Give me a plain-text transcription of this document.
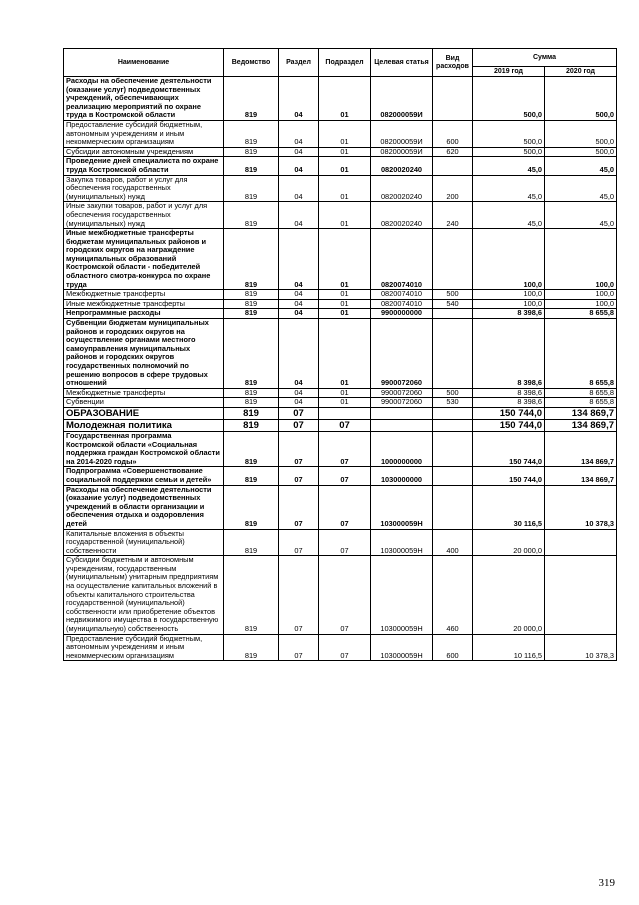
Наименование	Ведомство	Раздел	Подраздел	Целевая статья	Вид расходов	Сумма	
						2019 год	2020 год
Расходы на обеспечение деятельности (оказание услуг) подведомственных учреждений, обеспечивающих реализацию мероприятий по охране труда в Костромской области	819	04	01	082000059И		500,0	500,0
Предоставление субсидий бюджетным, автономным учреждениям и иным некоммерческим организациям	819	04	01	082000059И	600	500,0	500,0
Субсидии автономным учреждениям	819	04	01	082000059И	620	500,0	500,0
Проведение дней специалиста по охране труда Костромской области	819	04	01	0820020240		45,0	45,0
Закупка товаров, работ и услуг для обеспечения государственных (муниципальных) нужд	819	04	01	0820020240	200	45,0	45,0
Иные закупки товаров, работ и услуг для обеспечения государственных (муниципальных) нужд	819	04	01	0820020240	240	45,0	45,0
Иные межбюджетные трансферты бюджетам муниципальных районов и городских округов на награждение муниципальных образований Костромской области - победителей областного смотра-конкурса по охране труда	819	04	01	0820074010		100,0	100,0
Межбюджетные трансферты	819	04	01	0820074010	500	100,0	100,0
Иные межбюджетные трансферты	819	04	01	0820074010	540	100,0	100,0
Непрограммные расходы	819	04	01	9900000000		8 398,6	8 655,8
Субвенции бюджетам муниципальных районов и городских округов на осуществление органами местного самоуправления муниципальных районов и городских округов государственных полномочий по решению вопросов в сфере трудовых отношений	819	04	01	9900072060		8 398,6	8 655,8
Межбюджетные трансферты	819	04	01	9900072060	500	8 398,6	8 655,8
Субвенции	819	04	01	9900072060	530	8 398,6	8 655,8
ОБРАЗОВАНИЕ	819	07				150 744,0	134 869,7
Молодежная политика	819	07	07			150 744,0	134 869,7
Государственная программа Костромской области «Социальная поддержка граждан Костромской области на 2014-2020 годы»	819	07	07	1000000000		150 744,0	134 869,7
Подпрограмма «Совершенствование социальной поддержки семьи и детей»	819	07	07	1030000000		150 744,0	134 869,7
Расходы на обеспечение деятельности (оказание услуг) подведомственных учреждений в области организации и обеспечения отдыха и оздоровления детей	819	07	07	103000059Н		30 116,5	10 378,3
Капитальные вложения в объекты государственной (муниципальной) собственности	819	07	07	103000059Н	400	20 000,0	
Субсидии бюджетным и автономным учреждениям, государственным (муниципальным) унитарным предприятиям на осуществление капитальных вложений в объекты капитального строительства государственной (муниципальной) собственности или приобретение объектов недвижимого имущества в государственную (муниципальную) собственность	819	07	07	103000059Н	460	20 000,0	
Предоставление субсидий бюджетным, автономным учреждениям и иным некоммерческим организациям	819	07	07	103000059Н	600	10 116,5	10 378,3
319
